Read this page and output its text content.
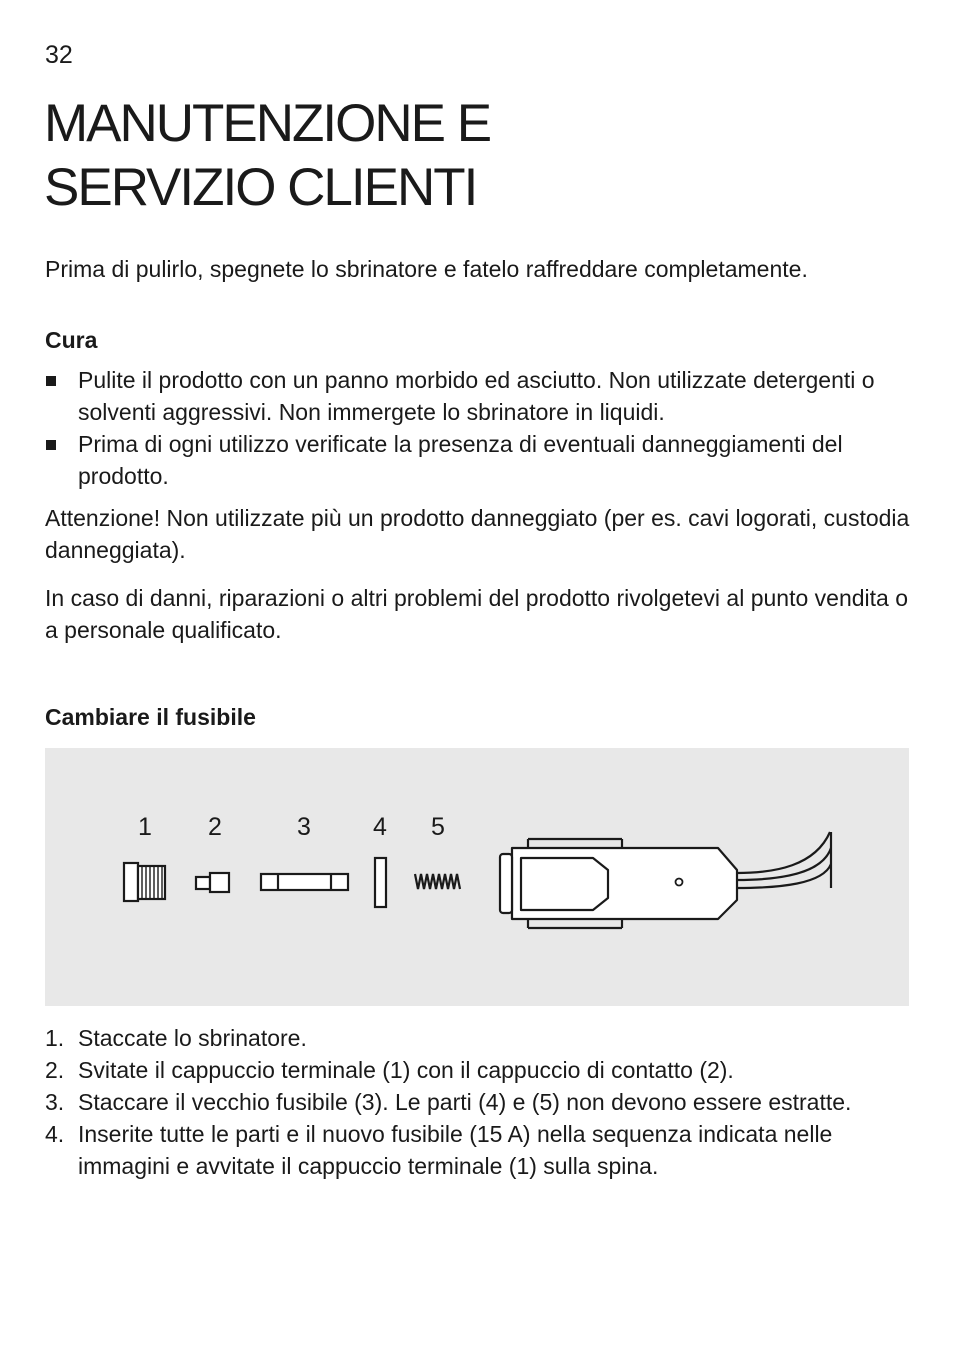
32
MANUTENZIONE E
SERVIZIO CLIENTI

Prima di pulirlo, spegnete lo sbrinatore e fatelo raffreddare completamente.

Cura
Pulite il prodotto con un panno morbido ed asciutto. Non utilizzate detergenti o solventi aggressivi. Non immergete lo sbrinatore in liquidi.
Prima di ogni utilizzo verificate la presenza di eventuali danneggiamenti del prodotto.

Attenzione! Non utilizzate più un prodotto danneggiato (per es. cavi logorati, custodia danneggiata).

In caso di danni, riparazioni o altri problemi del prodotto rivolgetevi al punto vendita o a personale qualificato.

Cambiare il fusibile
1 2	3 4 5
1. Staccate lo sbrinatore.
2. Svitate il cappuccio terminale (1) con il cappuccio di contatto (2).
3. Staccare il vecchio fusibile (3). Le parti (4) e (5) non devono essere estratte.
4. Inserite tutte le parti e il nuovo fusibile (15 A) nella sequenza indicata nelle immagini e avvitate il cappuccio terminale (1) sulla spina.
